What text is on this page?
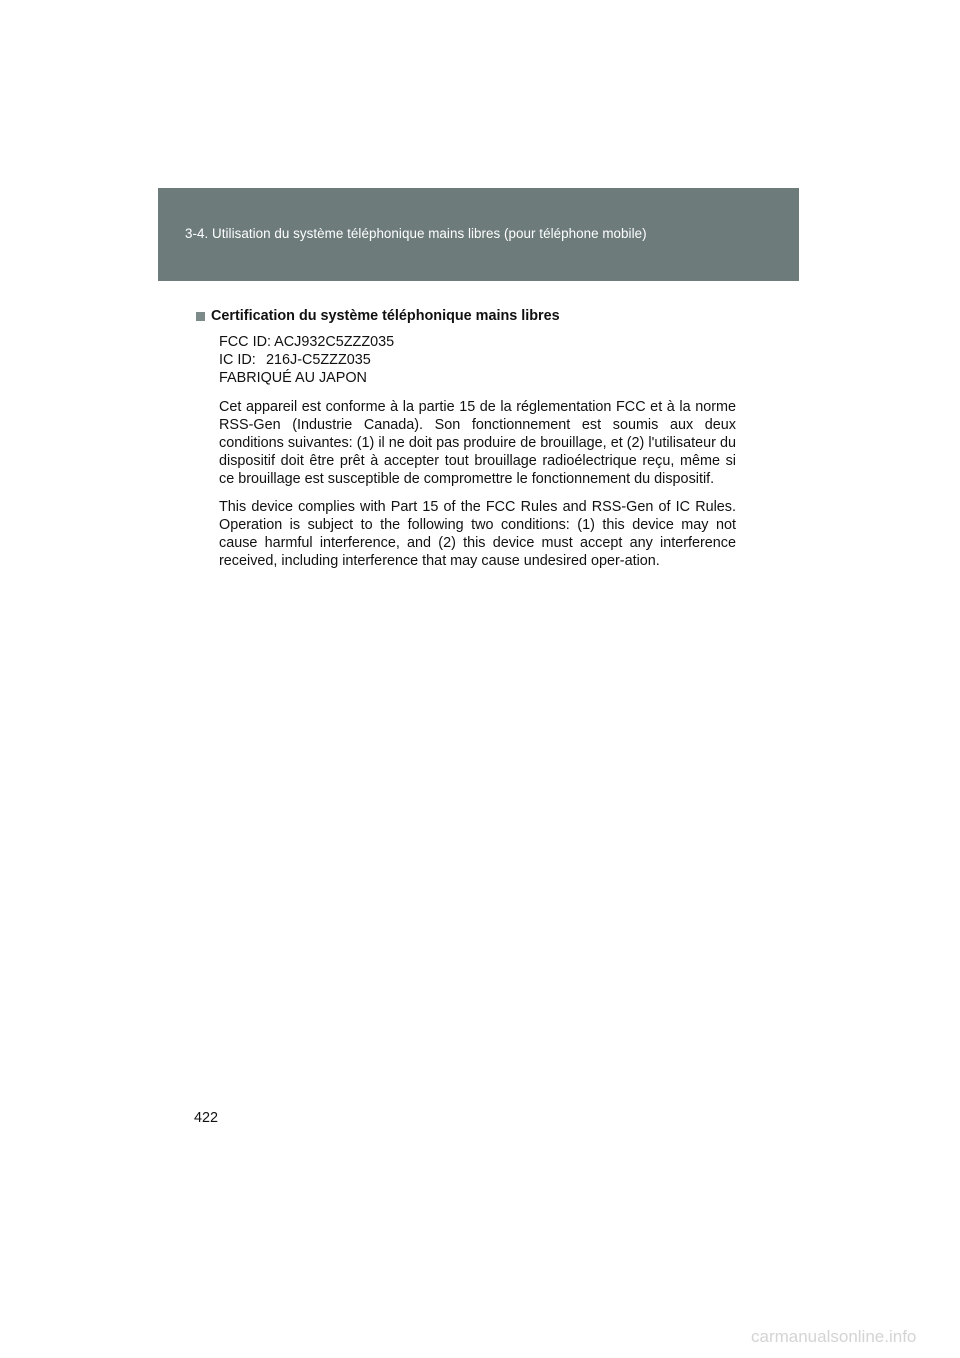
3-4. Utilisation du système téléphonique mains libres (pour téléphone mobile)
Certification du système téléphonique mains libres
FCC ID: ACJ932C5ZZZ035
IC ID: 216J-C5ZZZ035
FABRIQUÉ AU JAPON

Cet appareil est conforme à la partie 15 de la réglementation FCC et à la norme RSS-Gen (Industrie Canada). Son fonctionnement est soumis aux deux conditions suivantes: (1) il ne doit pas produire de brouillage, et (2) l'utilisateur du dispositif doit être prêt à accepter tout brouillage radioélectrique reçu, même si ce brouillage est susceptible de compromettre le fonctionnement du dispositif.

This device complies with Part 15 of the FCC Rules and RSS-Gen of IC Rules. Operation is subject to the following two conditions: (1) this device may not cause harmful interference, and (2) this device must accept any interference received, including interference that may cause undesired oper-ation.

422
carmanualsonline.info
